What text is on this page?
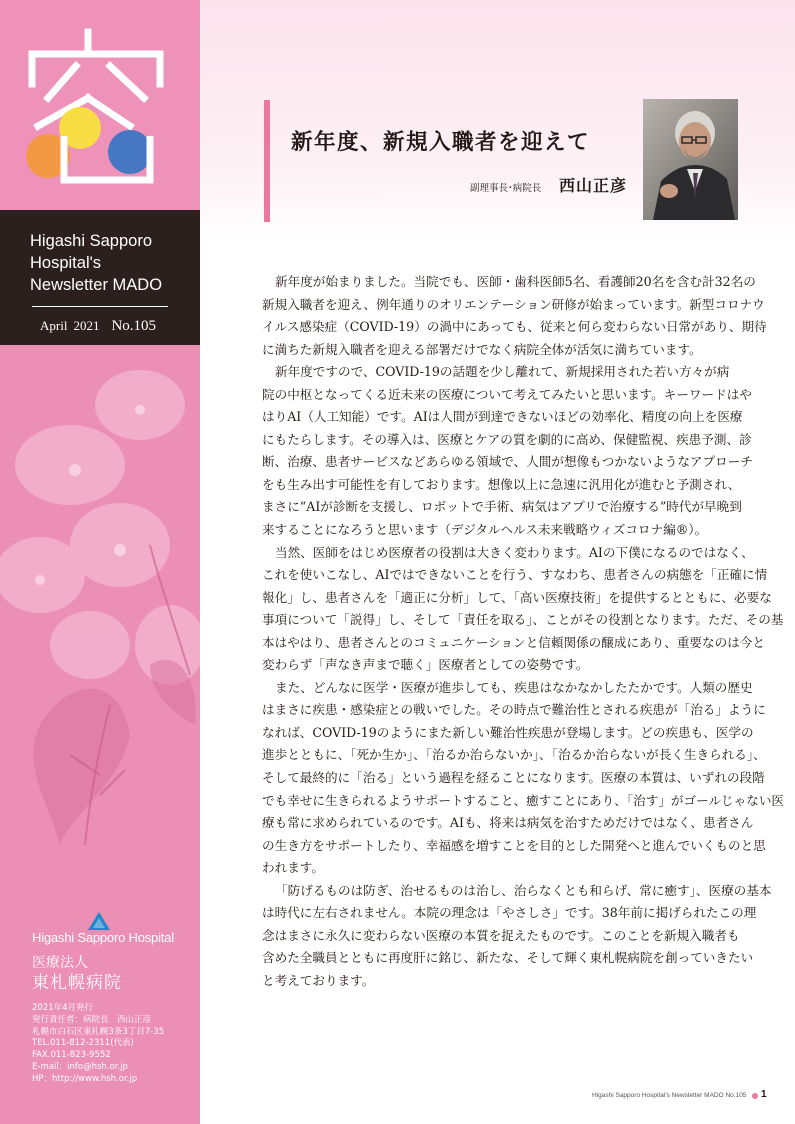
Higashi Sapporo
Hospital's
Newsletter MADO
April 2021 No.105
Higashi Sapporo Hospital
医療法人
東札幌病院
2021年4月発行
発行責任者：病院長　西山正彦
札幌市白石区東札幌3条3丁目7-35
TEL.011-812-2311(代表)
FAX.011-823-9552
E-mail：info@hsh.or.jp
HP：http://www.hsh.or.jp
新年度、新規入職者を迎えて
副理事長･病院長 西山正彦
新年度が始まりました。当院でも、医師・歯科医師5名、看護師20名を含む計32名の
新規入職者を迎え、例年通りのオリエンテーション研修が始まっています。新型コロナウ
イルス感染症（COVID-19）の渦中にあっても、従来と何ら変わらない日常があり、期待
に満ちた新規入職者を迎える部署だけでなく病院全体が活気に満ちています。
新年度ですので、COVID-19の話題を少し離れて、新規採用された若い方々が病
院の中枢となってくる近未来の医療について考えてみたいと思います。キーワードはや
はりAI（人工知能）です。AIは人間が到達できないほどの効率化、精度の向上を医療
にもたらします。その導入は、医療とケアの質を劇的に高め、保健監視、疾患予測、診
断、治療、患者サービスなどあらゆる領域で、人間が想像もつかないようなアプローチ
をも生み出す可能性を有しております。想像以上に急速に汎用化が進むと予測され、
まさに“AIが診断を支援し、ロボットで手術、病気はアプリで治療する”時代が早晩到
来することになろうと思います（デジタルヘルス未来戦略ウィズコロナ編®）。
当然、医師をはじめ医療者の役割は大きく変わります。AIの下僕になるのではなく、
これを使いこなし、AIではできないことを行う、すなわち、患者さんの病態を「正確に情
報化」し、患者さんを「適正に分析」して、「高い医療技術」を提供するとともに、必要な
事項について「説得」し、そして「責任を取る」、ことがその役割となります。ただ、その基
本はやはり、患者さんとのコミュニケーションと信頼関係の醸成にあり、重要なのは今と
変わらず「声なき声まで聴く」医療者としての姿勢です。
また、どんなに医学・医療が進歩しても、疾患はなかなかしたたかです。人類の歴史
はまさに疾患・感染症との戦いでした。その時点で難治性とされる疾患が「治る」ように
なれば、COVID-19のようにまた新しい難治性疾患が登場します。どの疾患も、医学の
進歩とともに、「死か生か」、「治るか治らないか」、「治るか治らないが長く生きられる」、
そして最終的に「治る」という過程を経ることになります。医療の本質は、いずれの段階
でも幸せに生きられるようサポートすること、癒すことにあり、「治す」がゴールじゃない医
療も常に求められているのです。AIも、将来は病気を治すためだけではなく、患者さん
の生き方をサポートしたり、幸福感を増すことを目的とした開発へと進んでいくものと思
われます。
「防げるものは防ぎ、治せるものは治し、治らなくとも和らげ、常に癒す」、医療の基本
は時代に左右されません。本院の理念は「やさしさ」です。38年前に掲げられたこの理
念はまさに永久に変わらない医療の本質を捉えたものです。このことを新規入職者も
含めた全職員とともに再度肝に銘じ、新たな、そして輝く東札幌病院を創っていきたい
と考えております。
Higashi Sapporo Hospital's Newsletter MADO No.105 1
